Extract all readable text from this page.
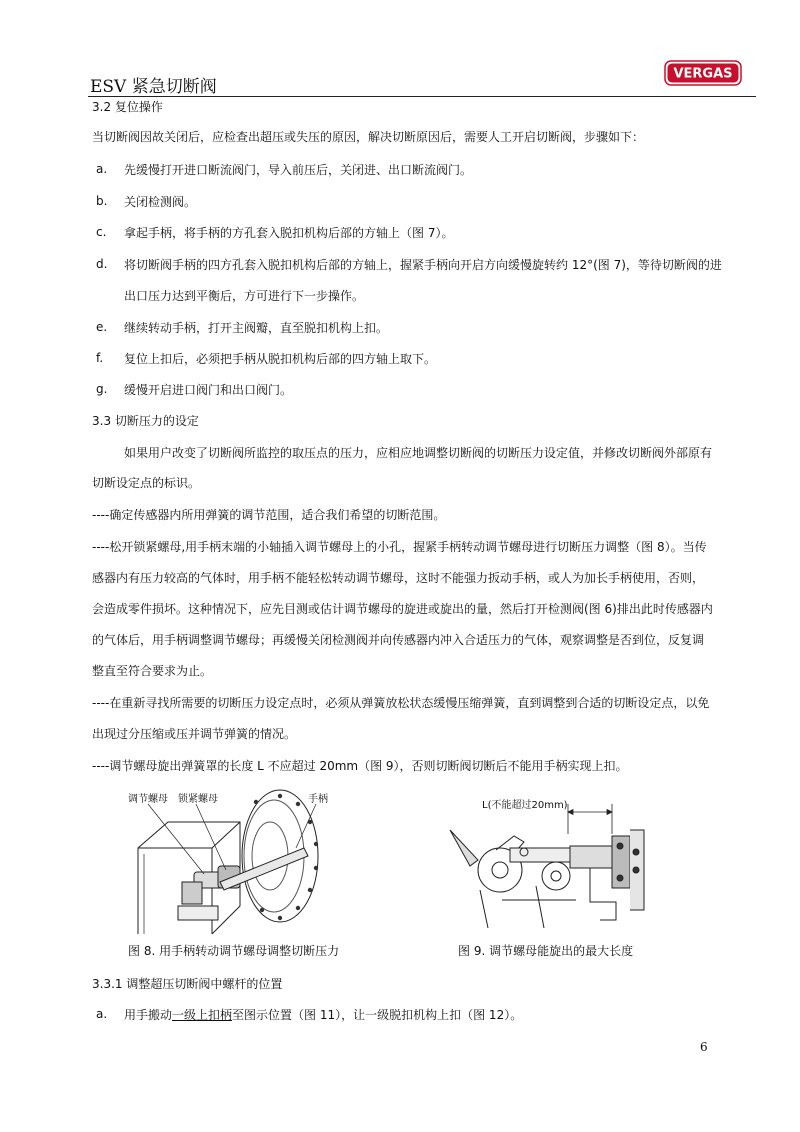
ESV 紧急切断阀
VERGAS
3.2 复位操作
当切断阀因故关闭后，应检查出超压或失压的原因，解决切断原因后，需要人工开启切断阀，步骤如下：
a. 先缓慢打开进口断流阀门，导入前压后，关闭进、出口断流阀门。
b. 关闭检测阀。
c. 拿起手柄，将手柄的方孔套入脱扣机构后部的方轴上（图 7）。
d. 将切断阀手柄的四方孔套入脱扣机构后部的方轴上，握紧手柄向开启方向缓慢旋转约 12°(图 7)，等待切断阀的进
出口压力达到平衡后，方可进行下一步操作。
e. 继续转动手柄，打开主阀瓣，直至脱扣机构上扣。
f. 复位上扣后，必须把手柄从脱扣机构后部的四方轴上取下。
g. 缓慢开启进口阀门和出口阀门。
3.3 切断压力的设定
如果用户改变了切断阀所监控的取压点的压力，应相应地调整切断阀的切断压力设定值，并修改切断阀外部原有
切断设定点的标识。
----确定传感器内所用弹簧的调节范围，适合我们希望的切断范围。
----松开锁紧螺母,用手柄末端的小轴插入调节螺母上的小孔，握紧手柄转动调节螺母进行切断压力调整（图 8）。当传
感器内有压力较高的气体时，用手柄不能轻松转动调节螺母，这时不能强力扳动手柄，或人为加长手柄使用，否则，
会造成零件损坏。这种情况下，应先目测或估计调节螺母的旋进或旋出的量，然后打开检测阀(图 6)排出此时传感器内
的气体后，用手柄调整调节螺母；再缓慢关闭检测阀并向传感器内冲入合适压力的气体，观察调整是否到位，反复调
整直至符合要求为止。
----在重新寻找所需要的切断压力设定点时，必须从弹簧放松状态缓慢压缩弹簧，直到调整到合适的切断设定点，以免
出现过分压缩或压并调节弹簧的情况。
----调节螺母旋出弹簧罩的长度 L 不应超过 20mm（图 9），否则切断阀切断后不能用手柄实现上扣。
调节螺母 锁紧螺母	手柄
图 8. 用手柄转动调节螺母调整切断压力
L(不能超过20mm)
图 9. 调节螺母能旋出的最大长度
3.3.1 调整超压切断阀中螺杆的位置
a. 用手搬动一级上扣柄至图示位置（图 11），让一级脱扣机构上扣（图 12）。
6
